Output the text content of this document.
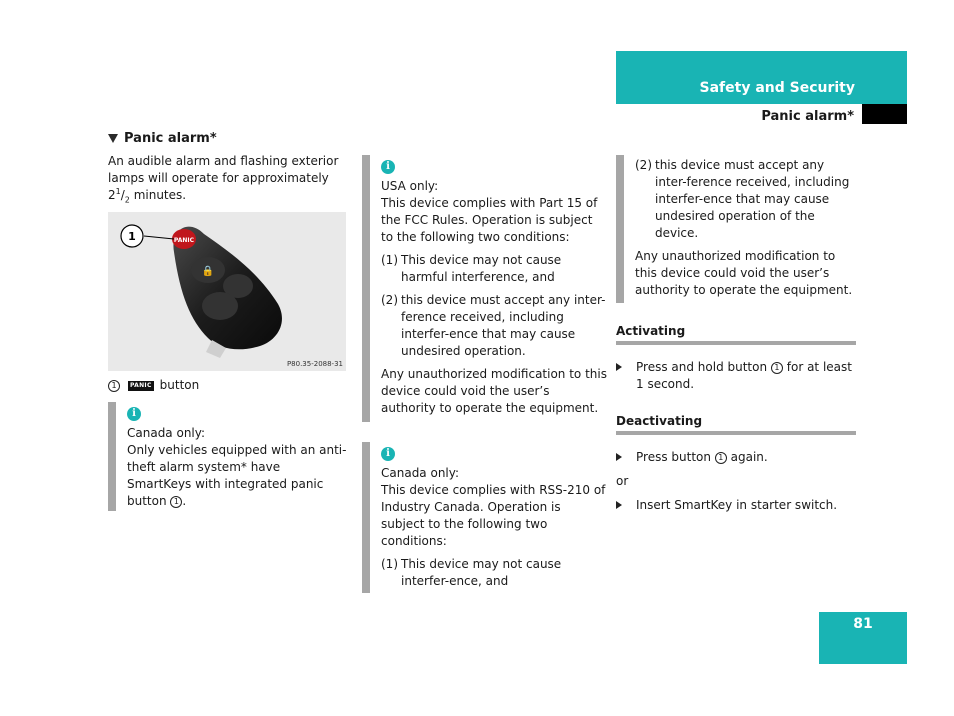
Safety and Security
Panic alarm*
Panic alarm*

An audible alarm and flashing exterior
lamps will operate for approximately
$2^1/_2$ minutes.

PANIC
🔒
1
P80.35-2088-31
1	PANIC button
i

Canada only:

Only vehicles equipped with an anti-theft alarm system* have SmartKeys with integrated panic button 1 .

i

USA only:

This device complies with Part 15 of the FCC Rules. Operation is subject to the following two conditions:

(1) This device may not cause harmful interference, and
(2) this device must accept any inter-ference received, including interfer-ence that may cause undesired operation.

Any unauthorized modification to this device could void the user’s authority to operate the equipment.

i

Canada only:

This device complies with RSS-210 of Industry Canada. Operation is subject to the following two conditions:

(1) This device may not cause interfer-ence, and
(2) this device must accept any inter-ference received, including interfer-ence that may cause undesired operation of the device.

Any unauthorized modification to this device could void the user’s authority to operate the equipment.

Activating
Press and hold button 1 for at least 1 second.
Deactivating
Press button 1 again.

or

Insert SmartKey in starter switch.
81
